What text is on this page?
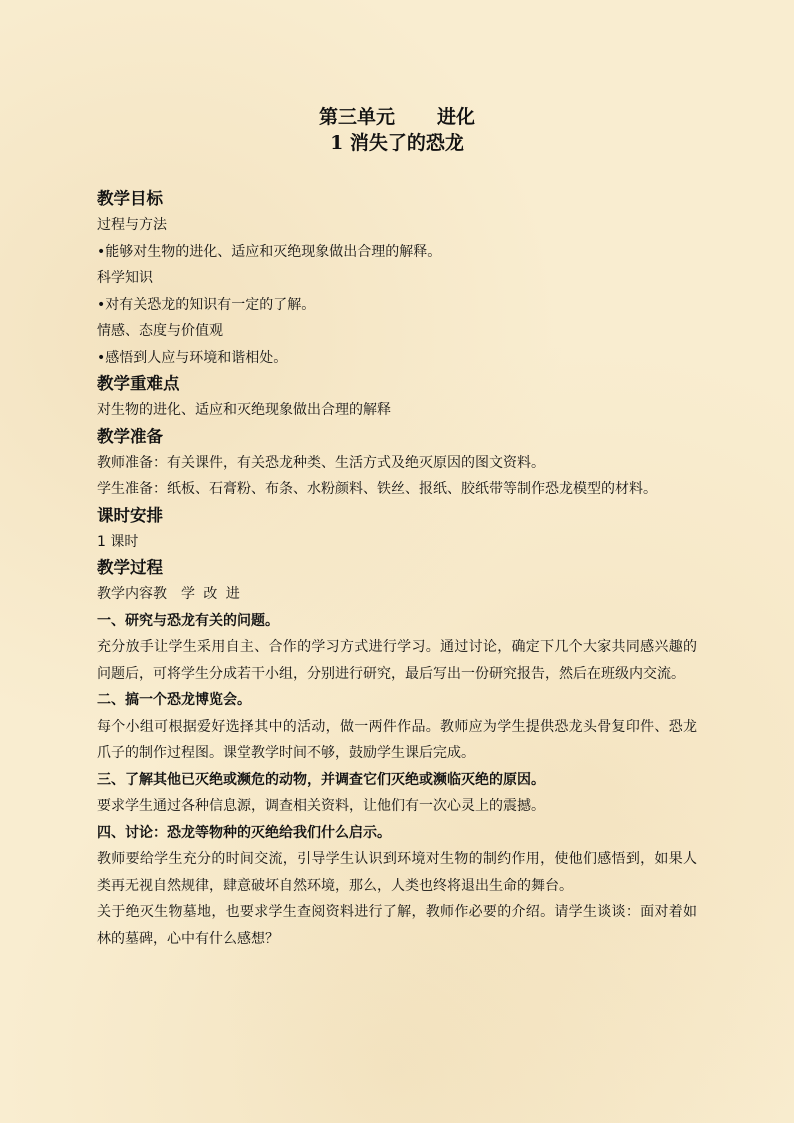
第三单元 进化

1 消失了的恐龙

教学目标

过程与方法

•能够对生物的进化、适应和灭绝现象做出合理的解释。

科学知识

•对有关恐龙的知识有一定的了解。

情感、态度与价值观

•感悟到人应与环境和谐相处。

教学重难点

对生物的进化、适应和灭绝现象做出合理的解释

教学准备

教师准备：有关课件，有关恐龙种类、生活方式及绝灭原因的图文资料。

学生准备：纸板、石膏粉、布条、水粉颜料、铁丝、报纸、胶纸带等制作恐龙模型的材料。

课时安排

1 课时

教学过程

教学内容教  学改进

一、研究与恐龙有关的问题。

充分放手让学生采用自主、合作的学习方式进行学习。通过讨论，确定下几个大家共同感兴趣的问题后，可将学生分成若干小组，分别进行研究，最后写出一份研究报告，然后在班级内交流。

二、搞一个恐龙博览会。

每个小组可根据爱好选择其中的活动，做一两件作品。教师应为学生提供恐龙头骨复印件、恐龙爪子的制作过程图。课堂教学时间不够，鼓励学生课后完成。

三、了解其他已灭绝或濒危的动物，并调查它们灭绝或濒临灭绝的原因。

要求学生通过各种信息源，调查相关资料，让他们有一次心灵上的震撼。

四、讨论：恐龙等物种的灭绝给我们什么启示。

教师要给学生充分的时间交流，引导学生认识到环境对生物的制约作用，使他们感悟到，如果人类再无视自然规律，肆意破坏自然环境，那么，人类也终将退出生命的舞台。

关于绝灭生物墓地，也要求学生查阅资料进行了解，教师作必要的介绍。请学生谈谈：面对着如林的墓碑，心中有什么感想？
